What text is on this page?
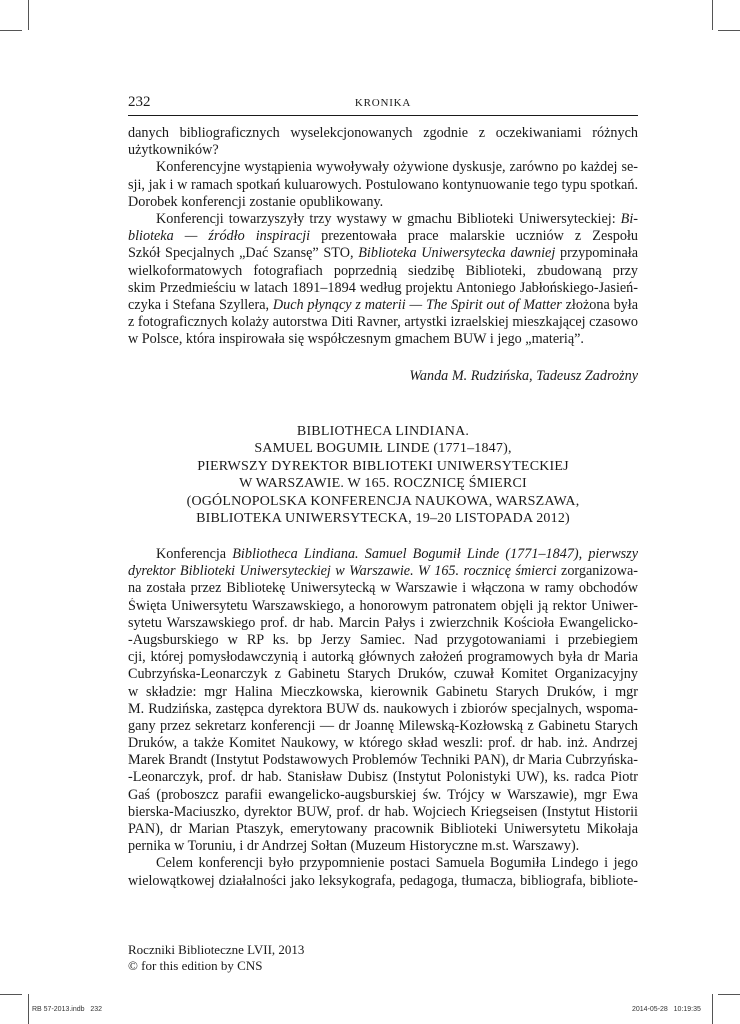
232	KRONIKA
danych bibliograficznych wyselekcjonowanych zgodnie z oczekiwaniami różnych
użytkowników?
Konferencyjne wystąpienia wywoływały ożywione dyskusje, zarówno po każdej se-
sji, jak i w ramach spotkań kuluarowych. Postulowano kontynuowanie tego typu spotkań.
Dorobek konferencji zostanie opublikowany.
Konferencji towarzyszyły trzy wystawy w gmachu Biblioteki Uniwersyteckiej: Bi-
blioteka — źródło inspiracji prezentowała prace malarskie uczniów z Zespołu
Szkół Specjalnych „Dać Szansę” STO, Biblioteka Uniwersytecka dawniej przypominała
wielkoformatowych fotografiach poprzednią siedzibę Biblioteki, zbudowaną przy
skim Przedmieściu w latach 1891–1894 według projektu Antoniego Jabłońskiego-Jasień-
czyka i Stefana Szyllera, Duch płynący z materii — The Spirit out of Matter złożona była
z fotograficznych kolaży autorstwa Diti Ravner, artystki izraelskiej mieszkającej czasowo
w Polsce, która inspirowała się współczesnym gmachem BUW i jego „materią”.
Wanda M. Rudzińska, Tadeusz Zadrożny
BIBLIOTHECA LINDIANA.
SAMUEL BOGUMIŁ LINDE (1771–1847),
PIERWSZY DYREKTOR BIBLIOTEKI UNIWERSYTECKIEJ
W WARSZAWIE. W 165. ROCZNICĘ ŚMIERCI
(OGÓLNOPOLSKA KONFERENCJA NAUKOWA, WARSZAWA,
BIBLIOTEKA UNIWERSYTECKA, 19–20 LISTOPADA 2012)
Konferencja Bibliotheca Lindiana. Samuel Bogumił Linde (1771–1847), pierwszy
dyrektor Biblioteki Uniwersyteckiej w Warszawie. W 165. rocznicę śmierci zorganizowa-
na została przez Bibliotekę Uniwersytecką w Warszawie i włączona w ramy obchodów
Święta Uniwersytetu Warszawskiego, a honorowym patronatem objęli ją rektor Uniwer-
sytetu Warszawskiego prof. dr hab. Marcin Pałys i zwierzchnik Kościoła Ewangelicko-
-Augsburskiego w RP ks. bp Jerzy Samiec. Nad przygotowaniami i przebiegiem
cji, której pomysłodawczynią i autorką głównych założeń programowych była dr Maria
Cubrzyńska-Leonarczyk z Gabinetu Starych Druków, czuwał Komitet Organizacyjny
w składzie: mgr Halina Mieczkowska, kierownik Gabinetu Starych Druków, i mgr
M. Rudzińska, zastępca dyrektora BUW ds. naukowych i zbiorów specjalnych, wspoma-
gany przez sekretarz konferencji — dr Joannę Milewską-Kozłowską z Gabinetu Starych
Druków, a także Komitet Naukowy, w którego skład weszli: prof. dr hab. inż. Andrzej
Marek Brandt (Instytut Podstawowych Problemów Techniki PAN), dr Maria Cubrzyńska-
-Leonarczyk, prof. dr hab. Stanisław Dubisz (Instytut Polonistyki UW), ks. radca Piotr
Gaś (proboszcz parafii ewangelicko-augsburskiej św. Trójcy w Warszawie), mgr Ewa
bierska-Maciuszko, dyrektor BUW, prof. dr hab. Wojciech Kriegseisen (Instytut Historii
PAN), dr Marian Ptaszyk, emerytowany pracownik Biblioteki Uniwersytetu Mikołaja
pernika w Toruniu, i dr Andrzej Sołtan (Muzeum Historyczne m.st. Warszawy).
Celem konferencji było przypomnienie postaci Samuela Bogumiła Lindego i jego
wielowątkowej działalności jako leksykografa, pedagoga, tłumacza, bibliografa, bibliote-
Roczniki Biblioteczne LVII, 2013
© for this edition by CNS
RB 57-2013.indb   232	2014-05-28   10:19:35
